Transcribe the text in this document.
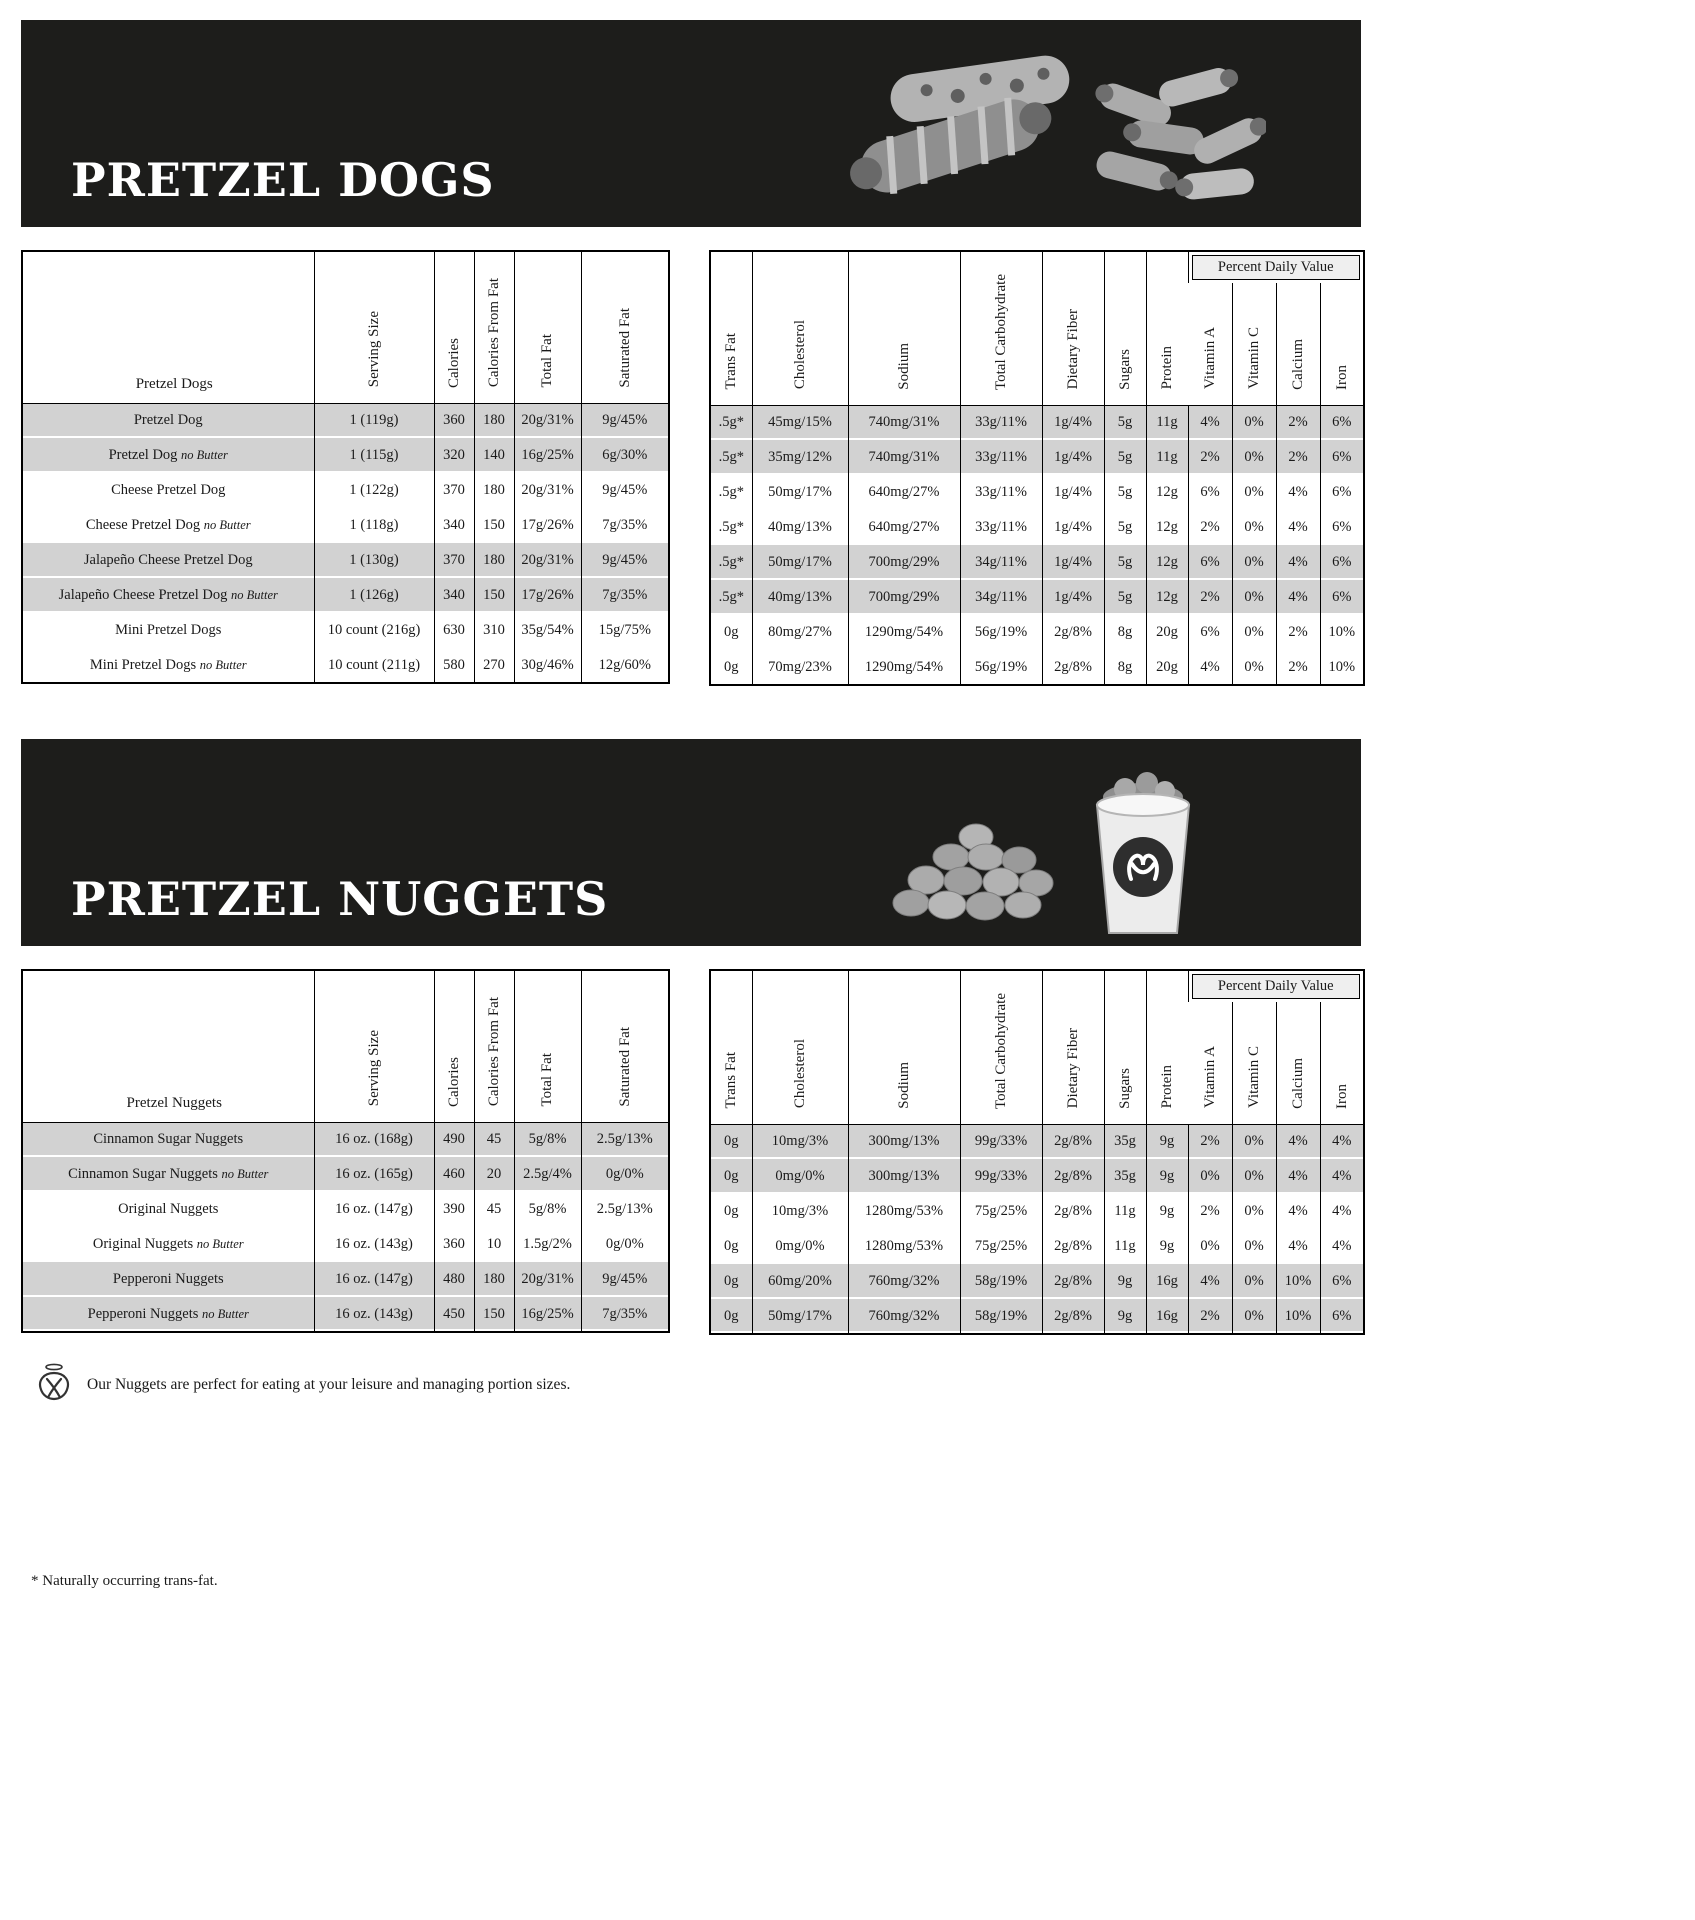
PRETZEL DOGS
Pretzel Dogs	Serving Size	Calories	Calories From Fat	Total Fat	Saturated Fat
Pretzel Dog	1 (119g)	360	180	20g/31%	9g/45%
Pretzel Dog no Butter	1 (115g)	320	140	16g/25%	6g/30%
Cheese Pretzel Dog	1 (122g)	370	180	20g/31%	9g/45%
Cheese Pretzel Dog no Butter	1 (118g)	340	150	17g/26%	7g/35%
Jalapeño Cheese Pretzel Dog	1 (130g)	370	180	20g/31%	9g/45%
Jalapeño Cheese Pretzel Dog no Butter	1 (126g)	340	150	17g/26%	7g/35%
Mini Pretzel Dogs	10 count (216g)	630	310	35g/54%	15g/75%
Mini Pretzel Dogs no Butter	10 count (211g)	580	270	30g/46%	12g/60%
Trans Fat	Cholesterol	Sodium	Total Carbohydrate	Dietary Fiber	Sugars	Protein	Percent Daily Value			

							Vitamin A	Vitamin C	Calcium	Iron
.5g*	45mg/15%	740mg/31%	33g/11%	1g/4%	5g	11g	4%	0%	2%	6%
.5g*	35mg/12%	740mg/31%	33g/11%	1g/4%	5g	11g	2%	0%	2%	6%
.5g*	50mg/17%	640mg/27%	33g/11%	1g/4%	5g	12g	6%	0%	4%	6%
.5g*	40mg/13%	640mg/27%	33g/11%	1g/4%	5g	12g	2%	0%	4%	6%
.5g*	50mg/17%	700mg/29%	34g/11%	1g/4%	5g	12g	6%	0%	4%	6%
.5g*	40mg/13%	700mg/29%	34g/11%	1g/4%	5g	12g	2%	0%	4%	6%
0g	80mg/27%	1290mg/54%	56g/19%	2g/8%	8g	20g	6%	0%	2%	10%
0g	70mg/23%	1290mg/54%	56g/19%	2g/8%	8g	20g	4%	0%	2%	10%
PRETZEL NUGGETS
Pretzel Nuggets	Serving Size	Calories	Calories From Fat	Total Fat	Saturated Fat
Cinnamon Sugar Nuggets	16 oz. (168g)	490	45	5g/8%	2.5g/13%
Cinnamon Sugar Nuggets no Butter	16 oz. (165g)	460	20	2.5g/4%	0g/0%
Original Nuggets	16 oz. (147g)	390	45	5g/8%	2.5g/13%
Original Nuggets no Butter	16 oz. (143g)	360	10	1.5g/2%	0g/0%
Pepperoni Nuggets	16 oz. (147g)	480	180	20g/31%	9g/45%
Pepperoni Nuggets no Butter	16 oz. (143g)	450	150	16g/25%	7g/35%
Trans Fat	Cholesterol	Sodium	Total Carbohydrate	Dietary Fiber	Sugars	Protein	Percent Daily Value			

							Vitamin A	Vitamin C	Calcium	Iron
0g	10mg/3%	300mg/13%	99g/33%	2g/8%	35g	9g	2%	0%	4%	4%
0g	0mg/0%	300mg/13%	99g/33%	2g/8%	35g	9g	0%	0%	4%	4%
0g	10mg/3%	1280mg/53%	75g/25%	2g/8%	11g	9g	2%	0%	4%	4%
0g	0mg/0%	1280mg/53%	75g/25%	2g/8%	11g	9g	0%	0%	4%	4%
0g	60mg/20%	760mg/32%	58g/19%	2g/8%	9g	16g	4%	0%	10%	6%
0g	50mg/17%	760mg/32%	58g/19%	2g/8%	9g	16g	2%	0%	10%	6%
Our Nuggets are perfect for eating at your leisure and managing portion sizes.

* Naturally occurring trans-fat.
